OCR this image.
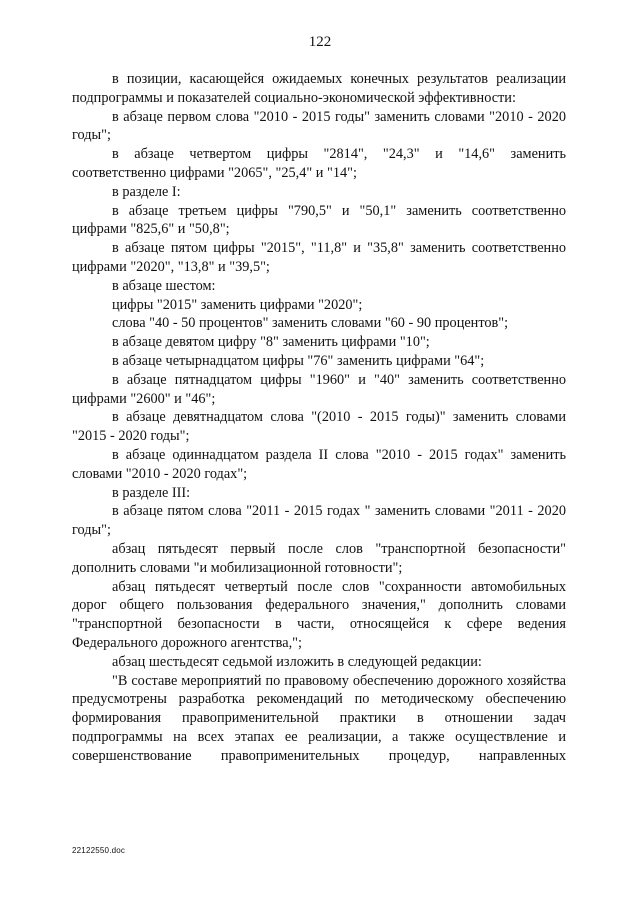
122

в позиции, касающейся ожидаемых конечных результатов реализации подпрограммы и показателей социально-экономической эффективности:

в абзаце первом слова "2010 - 2015 годы" заменить словами "2010 - 2020 годы";

в абзаце четвертом цифры "2814", "24,3" и "14,6" заменить соответственно цифрами "2065", "25,4" и "14";

в разделе I:

в абзаце третьем цифры "790,5" и "50,1" заменить соответственно цифрами "825,6" и "50,8";

в абзаце пятом цифры "2015", "11,8" и "35,8" заменить соответственно цифрами "2020", "13,8" и "39,5";

в абзаце шестом:

цифры "2015" заменить цифрами "2020";

слова "40 - 50 процентов" заменить словами "60 - 90 процентов";

в абзаце девятом цифру "8" заменить цифрами "10";

в абзаце четырнадцатом цифры "76" заменить цифрами "64";

в абзаце пятнадцатом цифры "1960" и "40" заменить соответственно цифрами "2600" и "46";

в абзаце девятнадцатом слова "(2010 - 2015 годы)" заменить словами "2015 - 2020 годы";

в абзаце одиннадцатом раздела II слова "2010 - 2015 годах" заменить словами "2010 - 2020 годах";

в разделе III:

в абзаце пятом слова "2011 - 2015 годах " заменить словами "2011 - 2020 годы";

абзац пятьдесят первый после слов "транспортной безопасности" дополнить словами "и мобилизационной готовности";

абзац пятьдесят четвертый после слов "сохранности автомобильных дорог общего пользования федерального значения," дополнить словами "транспортной безопасности в части, относящейся к сфере ведения Федерального дорожного агентства,";

абзац шестьдесят седьмой изложить в следующей редакции:

"В составе мероприятий по правовому обеспечению дорожного хозяйства предусмотрены разработка рекомендаций по методическому обеспечению формирования правоприменительной практики в отношении задач подпрограммы на всех этапах ее реализации, а также осуществление и совершенствование правоприменительных процедур, направленных

22122550.doc
